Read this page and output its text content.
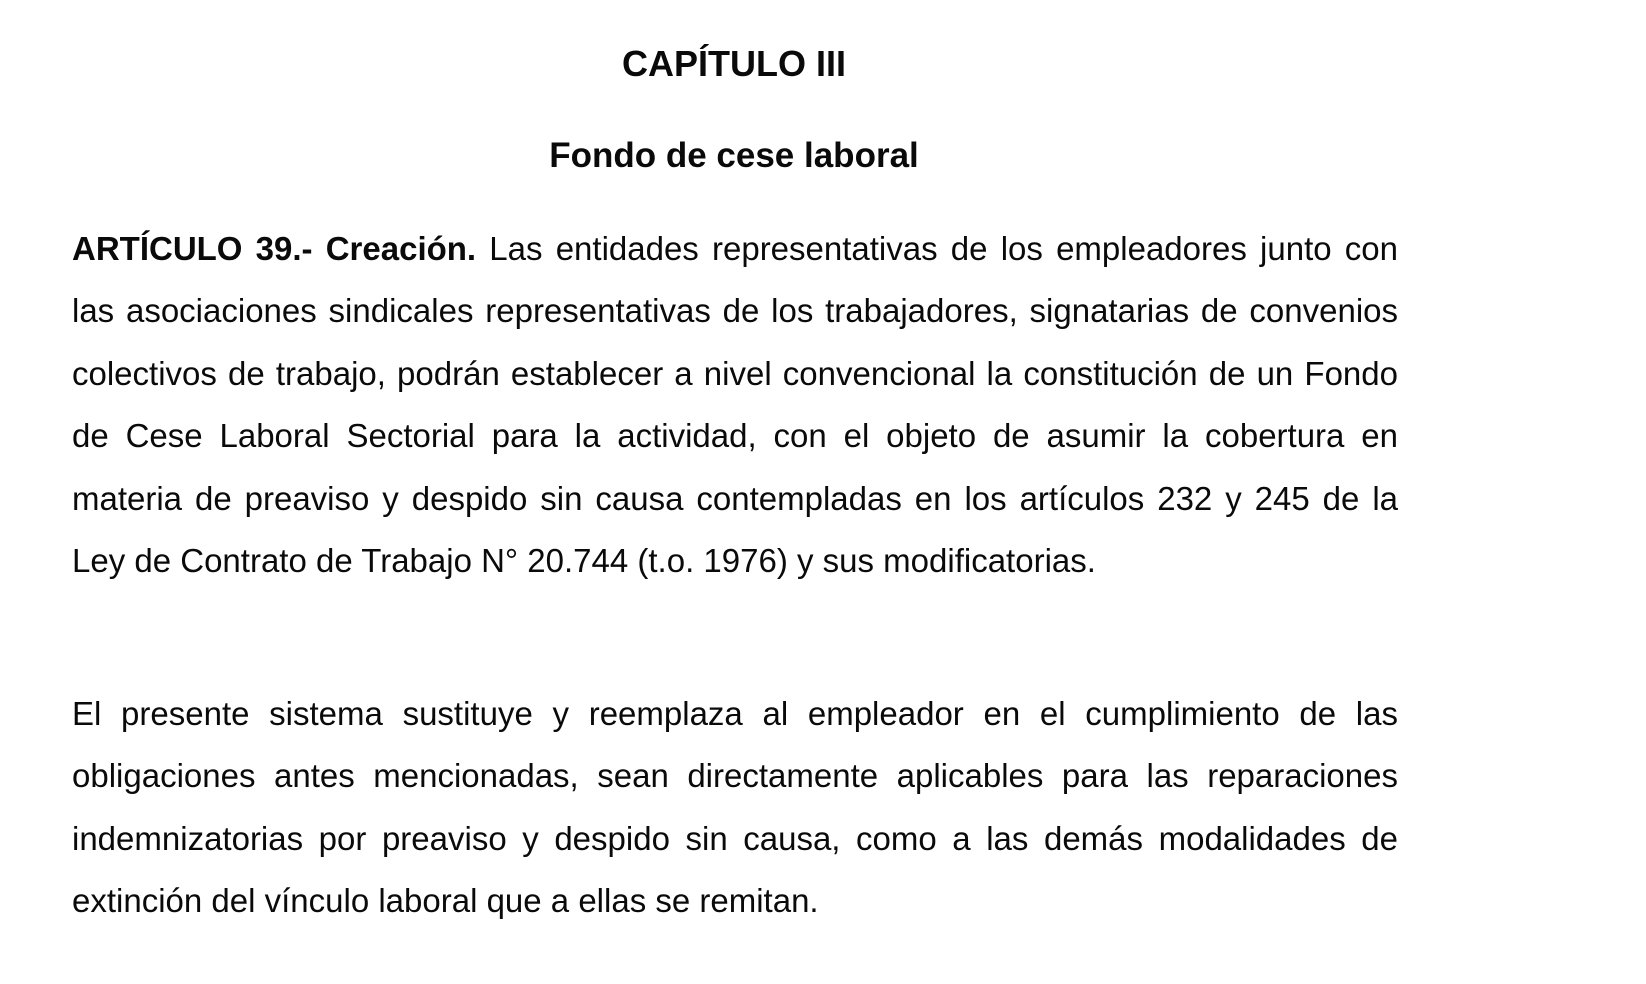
CAPÍTULO III
Fondo de cese laboral

ARTÍCULO 39.- Creación. Las entidades representativas de los empleadores junto con las asociaciones sindicales representativas de los trabajadores, signatarias de convenios colectivos de trabajo, podrán establecer a nivel convencional la constitución de un Fondo de Cese Laboral Sectorial para la actividad, con el objeto de asumir la cobertura en materia de preaviso y despido sin causa contempladas en los artículos 232 y 245 de la Ley de Contrato de Trabajo N° 20.744 (t.o. 1976) y sus modificatorias.

El presente sistema sustituye y reemplaza al empleador en el cumplimiento de las obligaciones antes mencionadas, sean directamente aplicables para las reparaciones indemnizatorias por preaviso y despido sin causa, como a las demás modalidades de extinción del vínculo laboral que a ellas se remitan.
